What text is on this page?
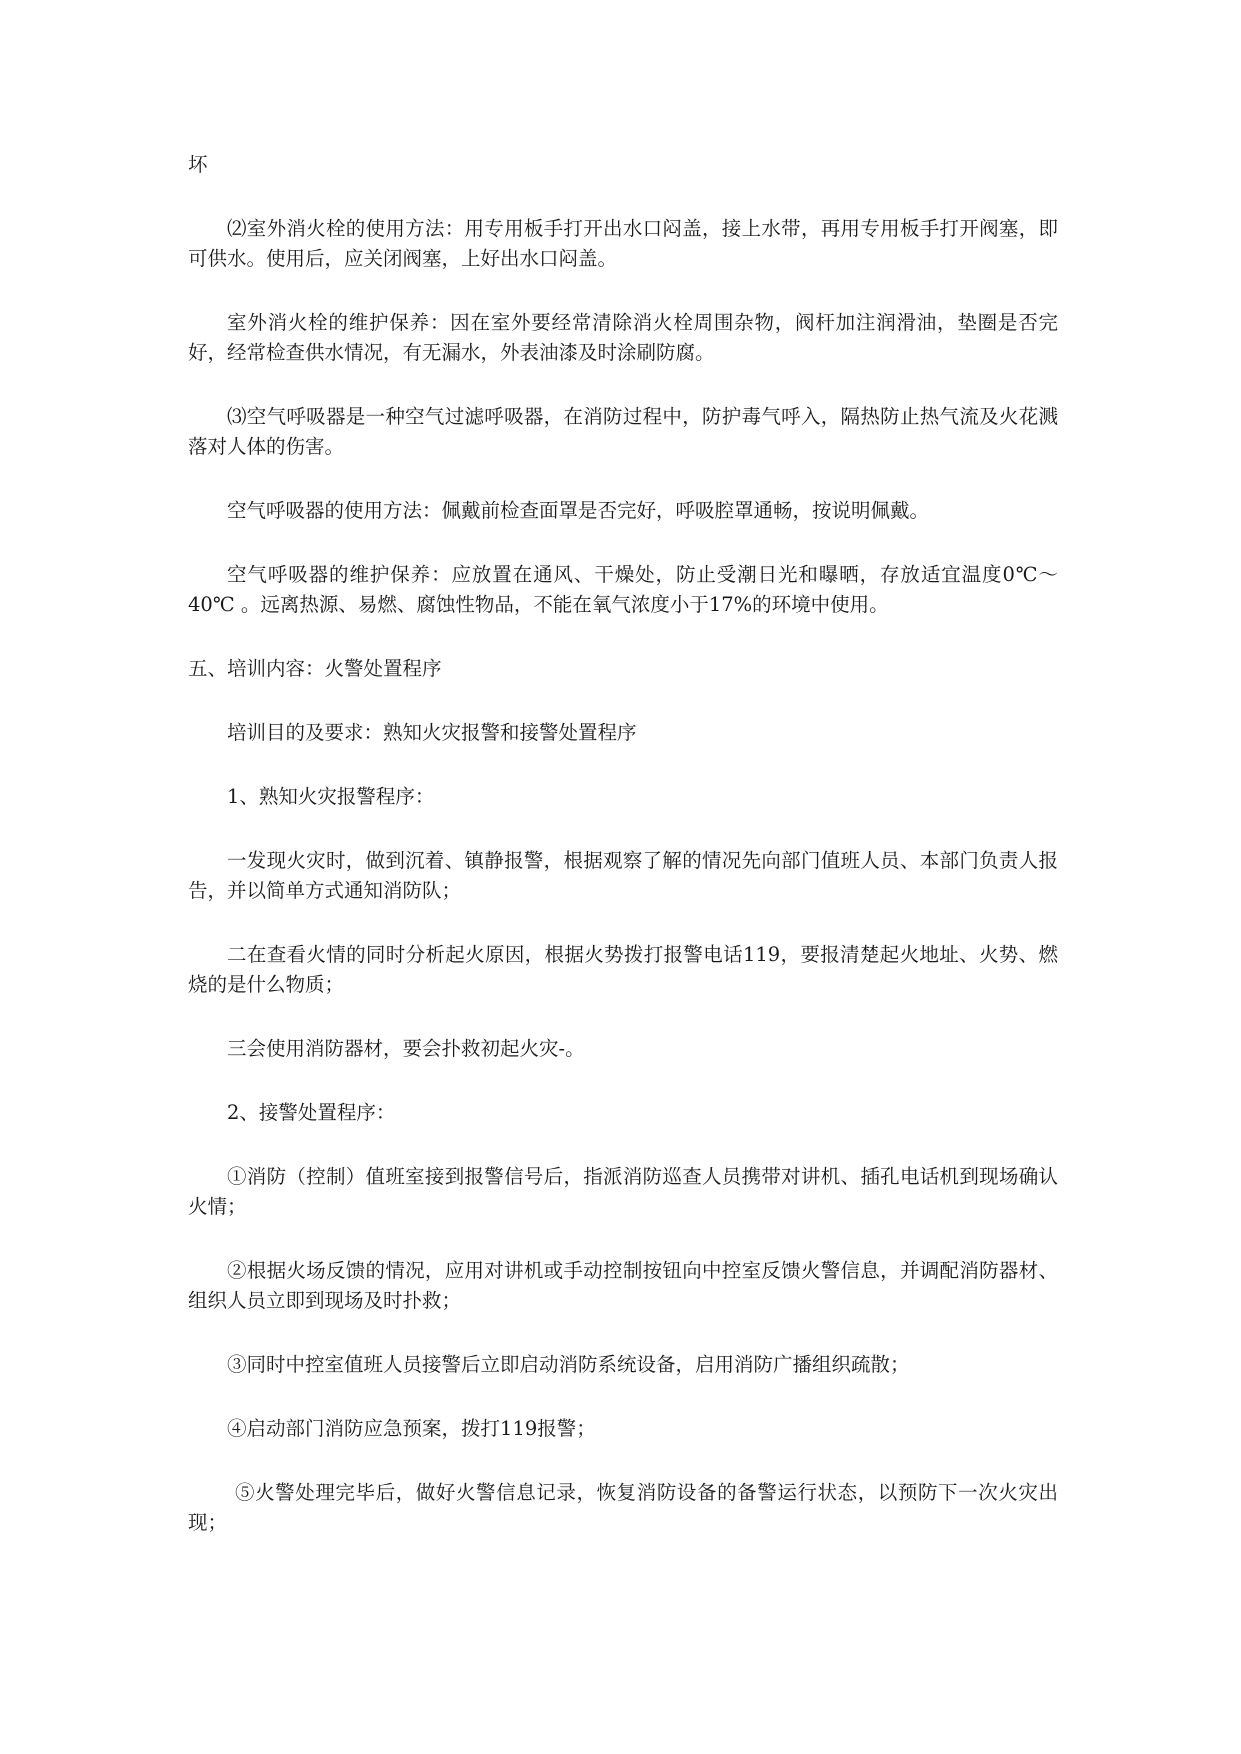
坏

⑵室外消火栓的使用方法：用专用板手打开出水口闷盖，接上水带，再用专用板手打开阀塞，即可供水。使用后，应关闭阀塞，上好出水口闷盖。

室外消火栓的维护保养：因在室外要经常清除消火栓周围杂物，阀杆加注润滑油，垫圈是否完好，经常检查供水情况，有无漏水，外表油漆及时涂刷防腐。

⑶空气呼吸器是一种空气过滤呼吸器，在消防过程中，防护毒气呼入，隔热防止热气流及火花溅落对人体的伤害。

空气呼吸器的使用方法：佩戴前检查面罩是否完好，呼吸腔罩通畅，按说明佩戴。

空气呼吸器的维护保养：应放置在通风、干燥处，防止受潮日光和曝晒，存放适宜温度0℃～40℃ 。远离热源、易燃、腐蚀性物品，不能在氧气浓度小于17%的环境中使用。

五、培训内容：火警处置程序

培训目的及要求：熟知火灾报警和接警处置程序

1、熟知火灾报警程序：

一发现火灾时，做到沉着、镇静报警，根据观察了解的情况先向部门值班人员、本部门负责人报告，并以简单方式通知消防队；

二在查看火情的同时分析起火原因，根据火势拨打报警电话119，要报清楚起火地址、火势、燃烧的是什么物质；

三会使用消防器材，要会扑救初起火灾-。

2、接警处置程序：

①消防（控制）值班室接到报警信号后，指派消防巡查人员携带对讲机、插孔电话机到现场确认火情；

②根据火场反馈的情况，应用对讲机或手动控制按钮向中控室反馈火警信息，并调配消防器材、组织人员立即到现场及时扑救；

③同时中控室值班人员接警后立即启动消防系统设备，启用消防广播组织疏散；

④启动部门消防应急预案，拨打119报警；

⑤火警处理完毕后，做好火警信息记录，恢复消防设备的备警运行状态，以预防下一次火灾出现；
